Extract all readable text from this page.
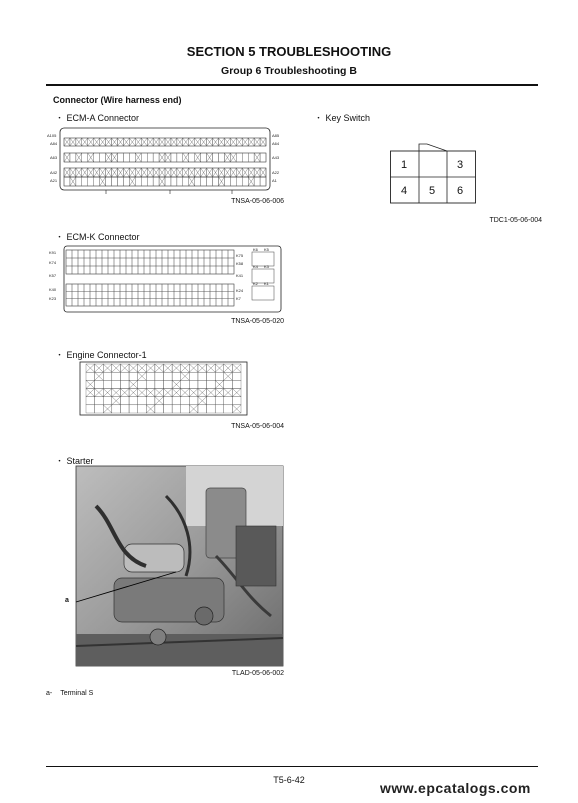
SECTION 5 TROUBLESHOOTING
Group 6 Troubleshooting B
Connector (Wire harness end)
・ ECM-A Connector
A105
A84
A63
A42
A21
A85
A64
A43
A22
A1
TNSA-05-06-006
・ ECM-K Connector
K91
K74
K57
K40
K23
K75
K58
K41
K24
K7
K6 K5
K4 K3
K2 K1
TNSA-05-05-020
・ Engine Connector-1
TNSA-05-06-004
・ Starter
a
TLAD-05-06-002
・ Key Switch
1	3
4 5 6
TDC1-05-06-004
a- Terminal S
T5-6-42	www.epcatalogs.com
